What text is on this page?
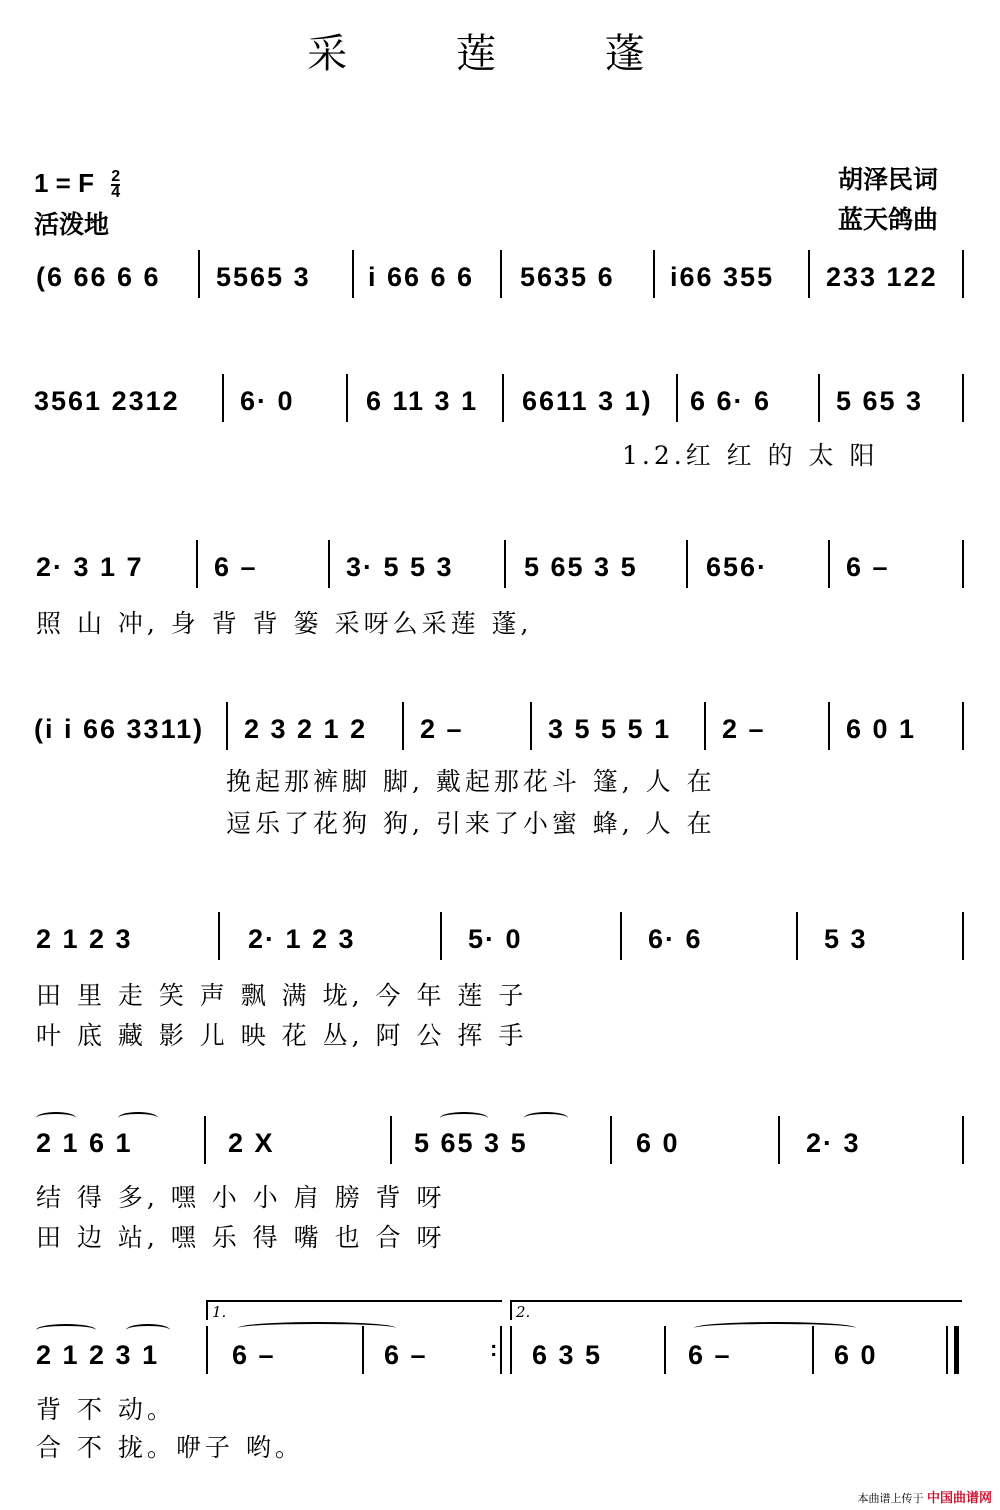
采 莲 蓬
1 = F $\frac{2}{4}$
活泼地
胡泽民词
蓝天鸽曲
(6 66 6 6 5565 3 i 66 6 6 5635 6 i66 355 233 122
3561 2312 6· 0	6 11 3 1 6611 3 1) 6 6· 6 5 65 3
1.2.红 红 的 太 阳
2· 3 1 7	6 –	3· 5 5 3	5 65 3 5	656·	6 –
照 山 冲, 身 背 背 篓 采呀么采莲 蓬,
(i i 66 3311) 2 3 2 1 2 2 –	3 5 5 5 1 2 –	6 0 1
挽起那裤脚 脚, 戴起那花斗 篷, 人 在
逗乐了花狗 狗, 引来了小蜜 蜂, 人 在
2 1 2 3	2· 1 2 3	5· 0	6· 6	5 3
田 里 走 笑 声 飘 满 垅, 今 年 莲 子
叶 底 藏 影 儿 映 花 丛, 阿 公 挥 手
2 1 6 1	2 X	5 65 3 5	6 0	2· 3
结 得 多, 嘿 小 小 肩 膀 背 呀
田 边 站, 嘿 乐 得 嘴 也 合 呀
1.	2.
2 1 2 3 1	6 –	6 –	: 6 3 5	6 –	6 0
背 不 动。
合 不 拢。咿子 哟。
本曲谱上传于 中国曲谱网
